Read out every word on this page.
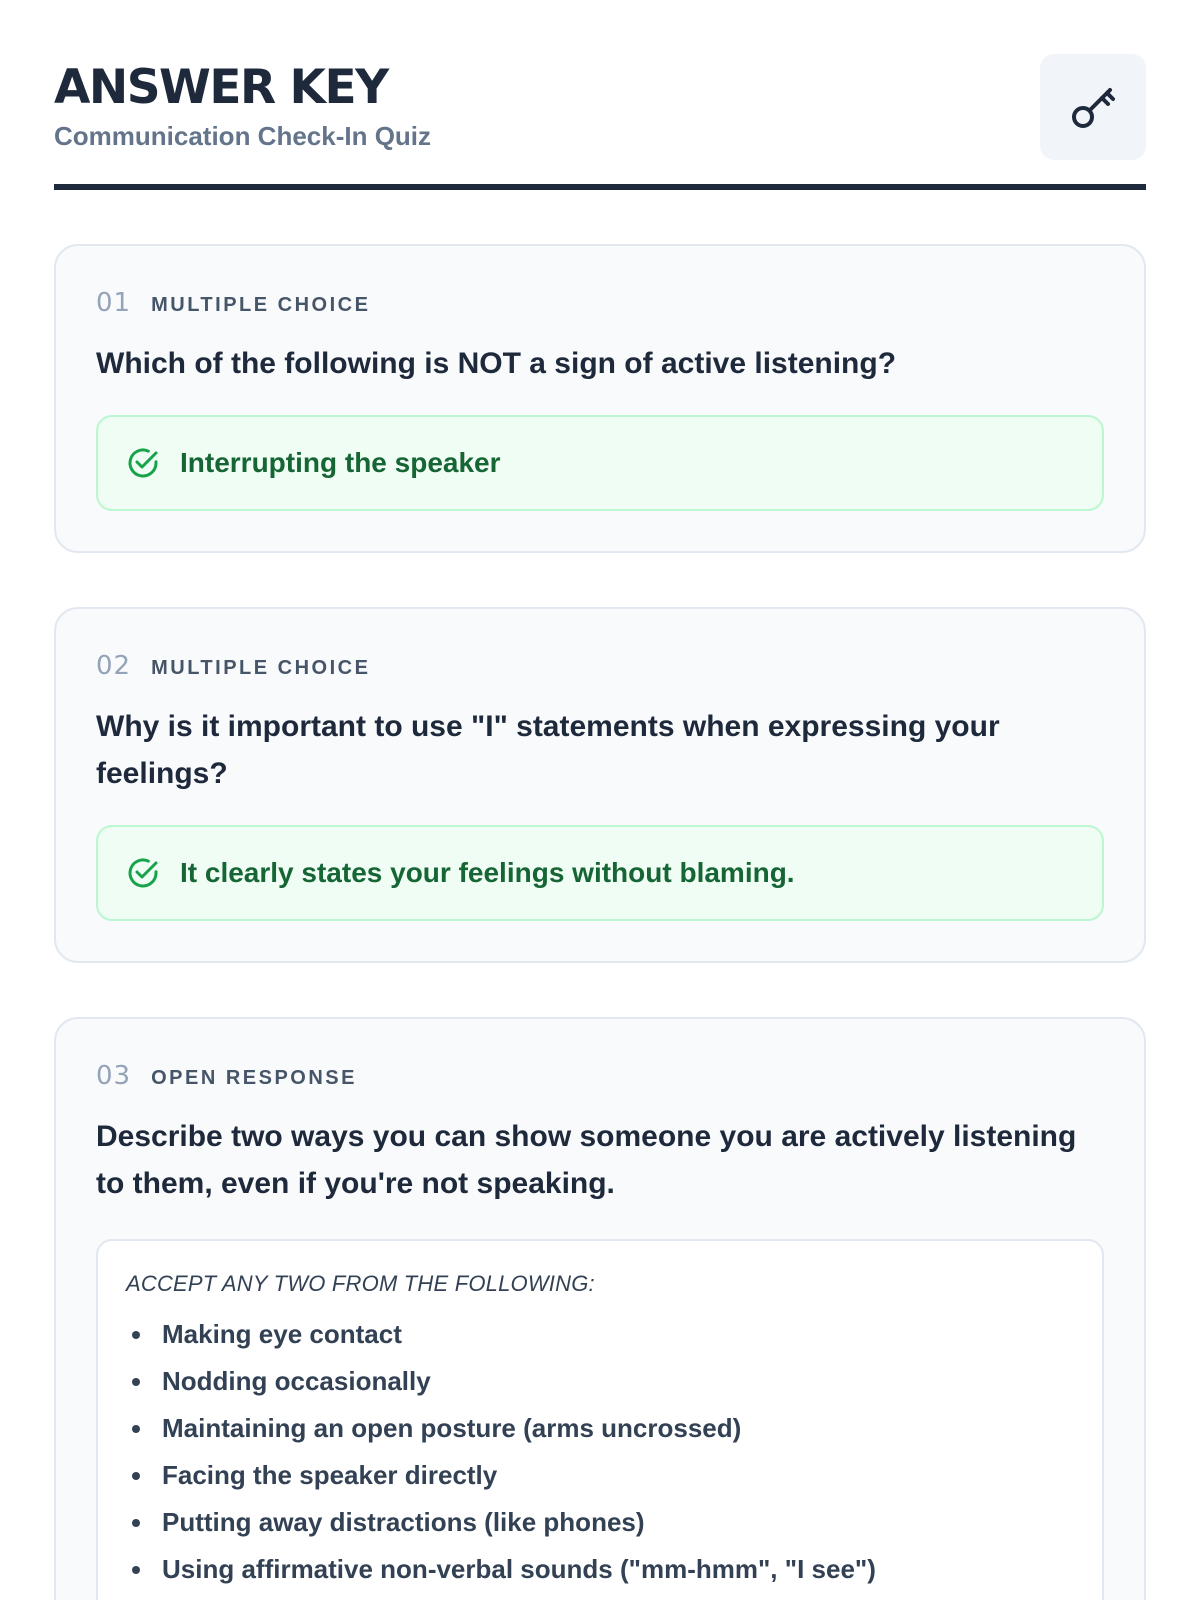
ANSWER KEY
Communication Check-In Quiz
01 MULTIPLE CHOICE
Which of the following is NOT a sign of active listening?
Interrupting the speaker
02 MULTIPLE CHOICE
Why is it important to use "I" statements when expressing your feelings?
It clearly states your feelings without blaming.
03 OPEN RESPONSE
Describe two ways you can show someone you are actively listening to them, even if you're not speaking.
ACCEPT ANY TWO FROM THE FOLLOWING:
Making eye contact
Nodding occasionally
Maintaining an open posture (arms uncrossed)
Facing the speaker directly
Putting away distractions (like phones)
Using affirmative non-verbal sounds ("mm-hmm", "I see")
